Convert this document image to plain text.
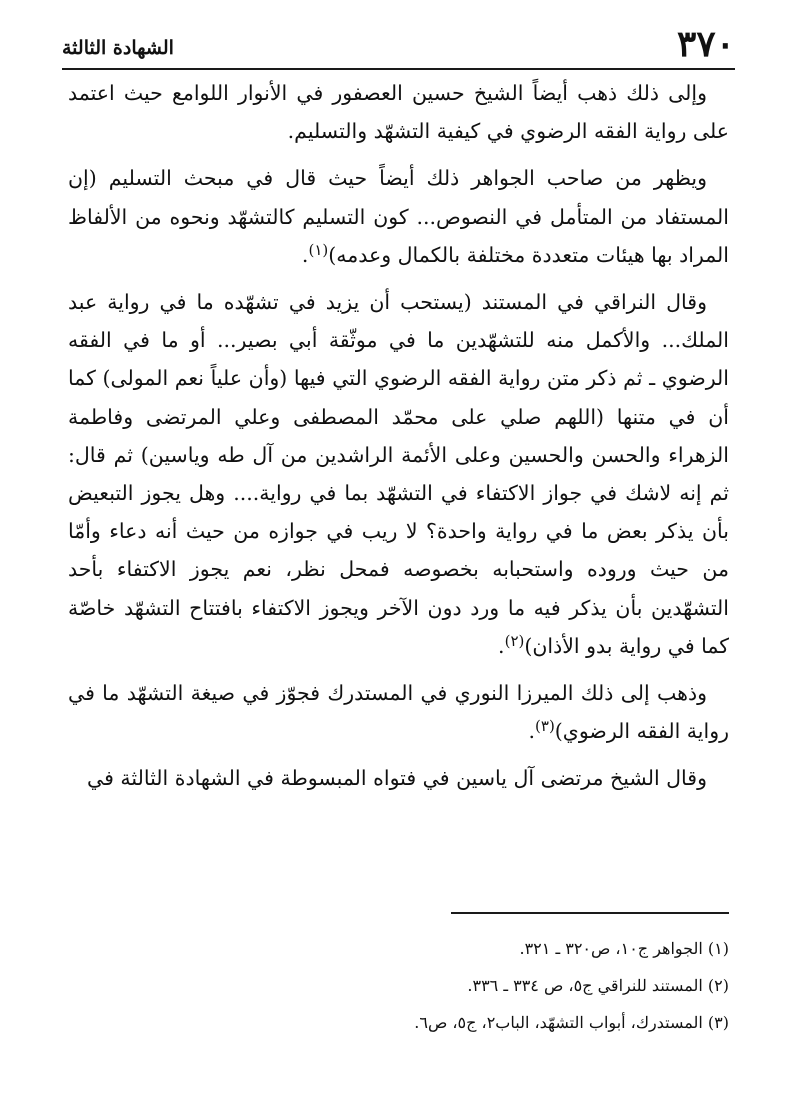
٣٧٠
الشهادة الثالثة

وإلى ذلك ذهب أيضاً الشيخ حسين العصفور في الأنوار اللوامع حيث اعتمد على رواية الفقه الرضوي في كيفية التشهّد والتسليم.

ويظهر من صاحب الجواهر ذلك أيضاً حيث قال في مبحث التسليم (إن المستفاد من المتأمل في النصوص... كون التسليم كالتشهّد ونحوه من الألفاظ المراد بها هيئات متعددة مختلفة بالكمال وعدمه)$^{(١)}$.

وقال النراقي في المستند (يستحب أن يزيد في تشهّده ما في رواية عبد الملك... والأكمل منه للتشهّدين ما في موثّقة أبي بصير... أو ما في الفقه الرضوي ـ ثم ذكر متن رواية الفقه الرضوي التي فيها (وأن علياً نعم المولى) كما أن في متنها (اللهم صلي على محمّد المصطفى وعلي المرتضى وفاطمة الزهراء والحسن والحسين وعلى الأئمة الراشدين من آل طه وياسين) ثم قال: ثم إنه لاشك في جواز الاكتفاء في التشهّد بما في رواية.... وهل يجوز التبعيض بأن يذكر بعض ما في رواية واحدة؟ لا ريب في جوازه من حيث أنه دعاء وأمّا من حيث وروده واستحبابه بخصوصه فمحل نظر، نعم يجوز الاكتفاء بأحد التشهّدين بأن يذكر فيه ما ورد دون الآخر ويجوز الاكتفاء بافتتاح التشهّد خاصّة كما في رواية بدو الأذان)$^{(٢)}$.

وذهب إلى ذلك الميرزا النوري في المستدرك فجوّز في صيغة التشهّد ما في رواية الفقه الرضوي)$^{(٣)}$.

وقال الشيخ مرتضى آل ياسين في فتواه المبسوطة في الشهادة الثالثة في

(١) الجواهر ج١٠، ص٣٢٠ ـ ٣٢١.
(٢) المستند للنراقي ج٥، ص ٣٣٤ ـ ٣٣٦.
(٣) المستدرك، أبواب التشهّد، الباب٢، ج٥، ص٦.
